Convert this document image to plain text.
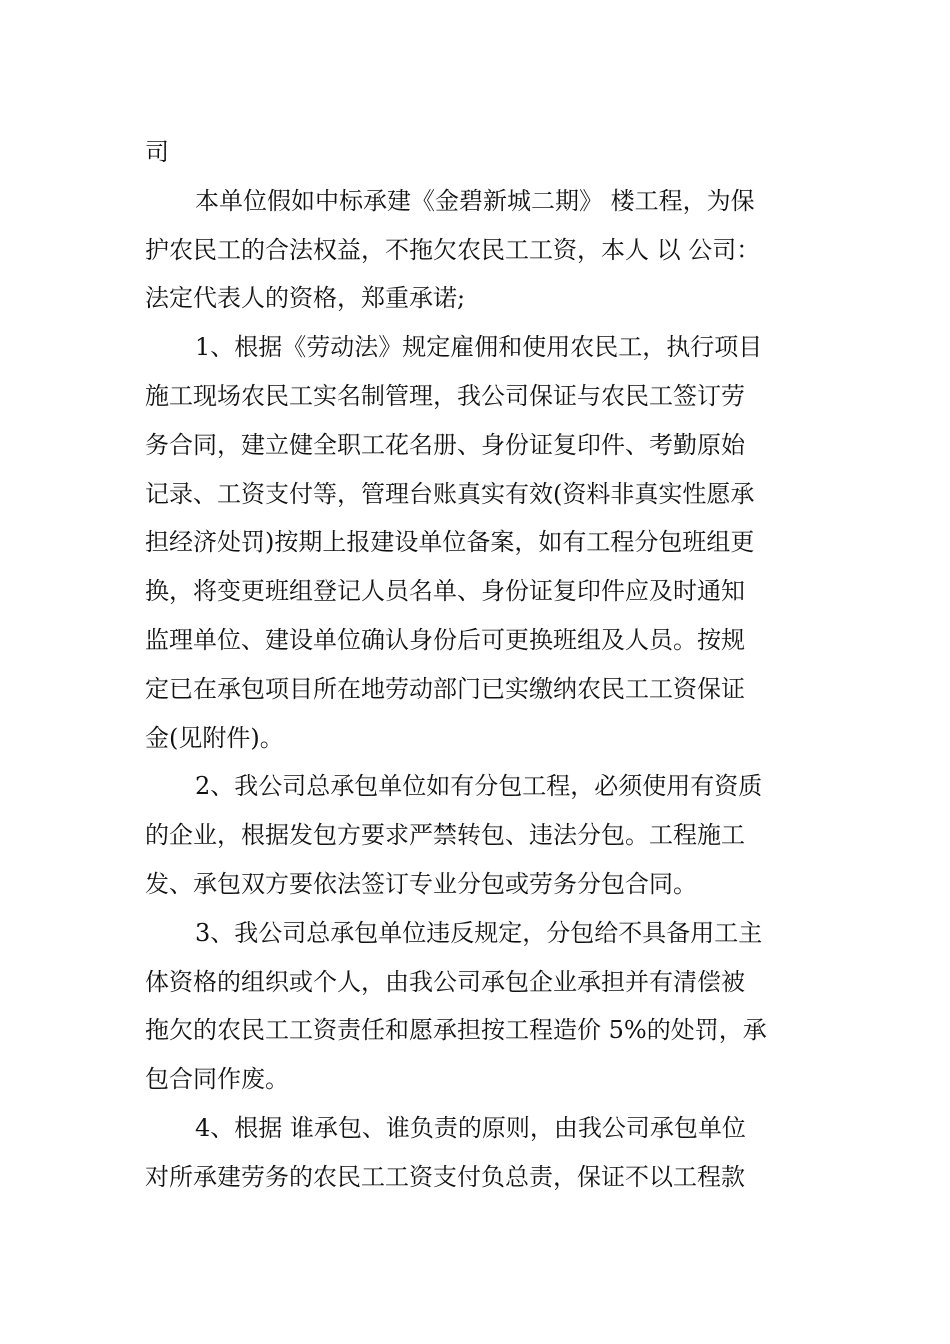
司
本单位假如中标承建《金碧新城二期》 楼工程，为保
护农民工的合法权益，不拖欠农民工工资，本人 以 公司：
法定代表人的资格，郑重承诺;
1、根据《劳动法》规定雇佣和使用农民工，执行项目
施工现场农民工实名制管理，我公司保证与农民工签订劳
务合同，建立健全职工花名册、身份证复印件、考勤原始
记录、工资支付等，管理台账真实有效(资料非真实性愿承
担经济处罚)按期上报建设单位备案，如有工程分包班组更
换，将变更班组登记人员名单、身份证复印件应及时通知
监理单位、建设单位确认身份后可更换班组及人员。按规
定已在承包项目所在地劳动部门已实缴纳农民工工资保证
金(见附件)。
2、我公司总承包单位如有分包工程，必须使用有资质
的企业，根据发包方要求严禁转包、违法分包。工程施工
发、承包双方要依法签订专业分包或劳务分包合同。
3、我公司总承包单位违反规定，分包给不具备用工主
体资格的组织或个人，由我公司承包企业承担并有清偿被
拖欠的农民工工资责任和愿承担按工程造价 5%的处罚，承
包合同作废。
4、根据 谁承包、谁负责的原则，由我公司承包单位
对所承建劳务的农民工工资支付负总责，保证不以工程款
